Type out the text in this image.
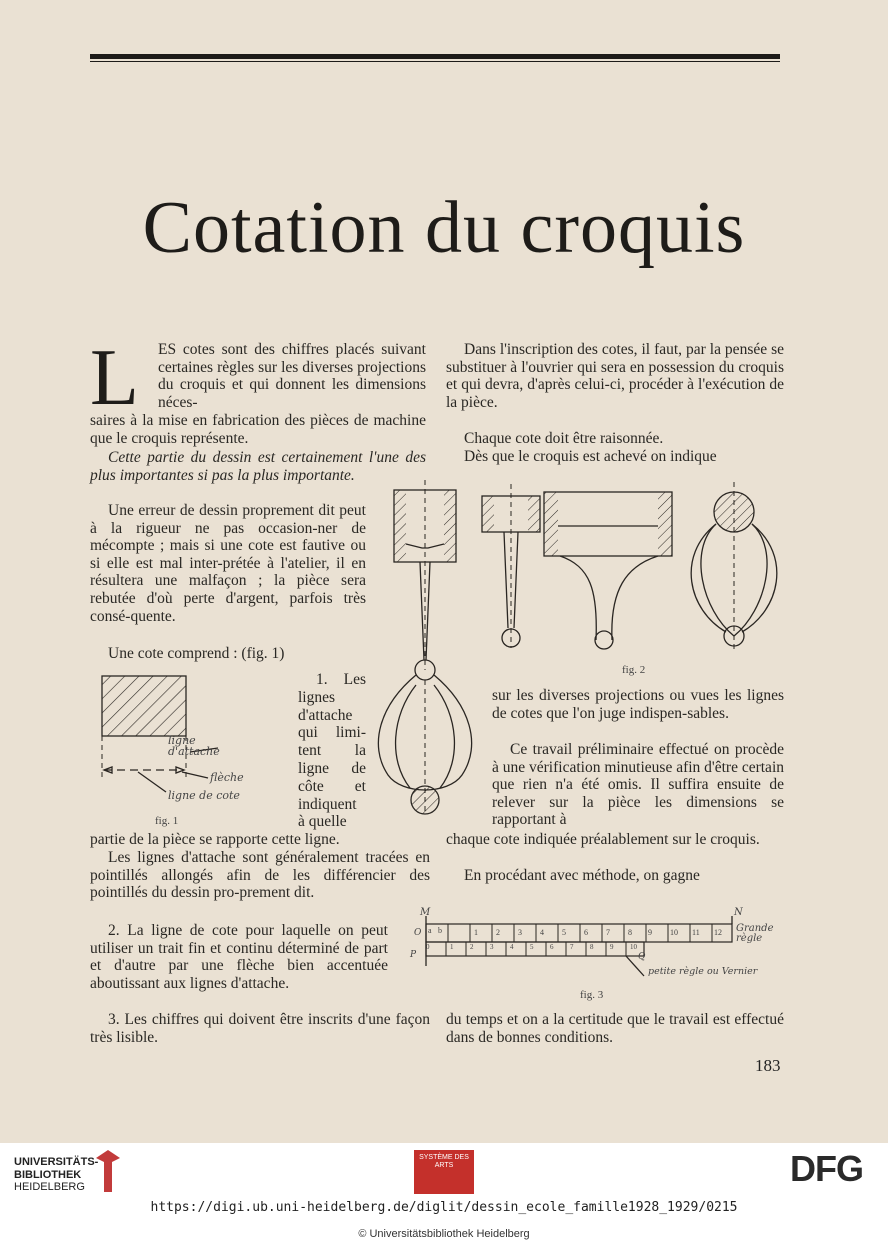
Cotation du croquis
L ES cotes sont des chiffres placés suivant certaines règles sur les diverses projections du croquis et qui donnent les dimensions néces-

saires à la mise en fabrication des pièces de machine que le croquis représente.

Cette partie du dessin est certainement l'une des plus importantes si pas la plus importante.

Une erreur de dessin proprement dit peut à la rigueur ne pas occasion-ner de mécompte ; mais si une cote est fautive ou si elle est mal inter-prétée à l'atelier, il en résultera une malfaçon ; la pièce sera rebutée d'où perte d'argent, parfois très consé-quente.

Une cote comprend : (fig. 1)

1. Les lignes d'attache qui limi-tent la ligne de côte et indiquent à quelle

partie de la pièce se rapporte cette ligne.

Les lignes d'attache sont généralement tracées en pointillés allongés afin de les différencier des pointillés du dessin pro-prement dit.

2. La ligne de cote pour laquelle on peut utiliser un trait fin et continu déterminé de part et d'autre par une flèche bien accentuée aboutissant aux lignes d'attache.

3. Les chiffres qui doivent être inscrits d'une façon très lisible.

Dans l'inscription des cotes, il faut, par la pensée se substituer à l'ouvrier qui sera en possession du croquis et qui devra, d'après celui-ci, procéder à l'exécution de la pièce.

Chaque cote doit être raisonnée.

Dès que le croquis est achevé on indique

sur les diverses projections ou vues les lignes de cotes que l'on juge indispen-sables.

Ce travail préliminaire effectué on procède à une vérification minutieuse afin d'être certain que rien n'a été omis. Il suffira ensuite de relever sur la pièce les dimensions se rapportant à

chaque cote indiquée préalablement sur le croquis.

En procédant avec méthode, on gagne

du temps et on a la certitude que le travail est effectué dans de bonnes conditions.

ligne d'attache
flèche
ligne de cote
fig. 1
fig. 2
M	N
O
P	Q
Grande règle
petite règle ou Vernier
a b	1 2 3 4 5 6 7 8 9 10 11 12
0	1 2 3 4 5 6 7 8 9 10
fig. 3
183
UNIVERSITÄTS-
BIBLIOTHEK
HEIDELBERG
SYSTÈME DES ARTS	DFG
https://digi.ub.uni-heidelberg.de/diglit/dessin_ecole_famille1928_1929/0215
© Universitätsbibliothek Heidelberg
